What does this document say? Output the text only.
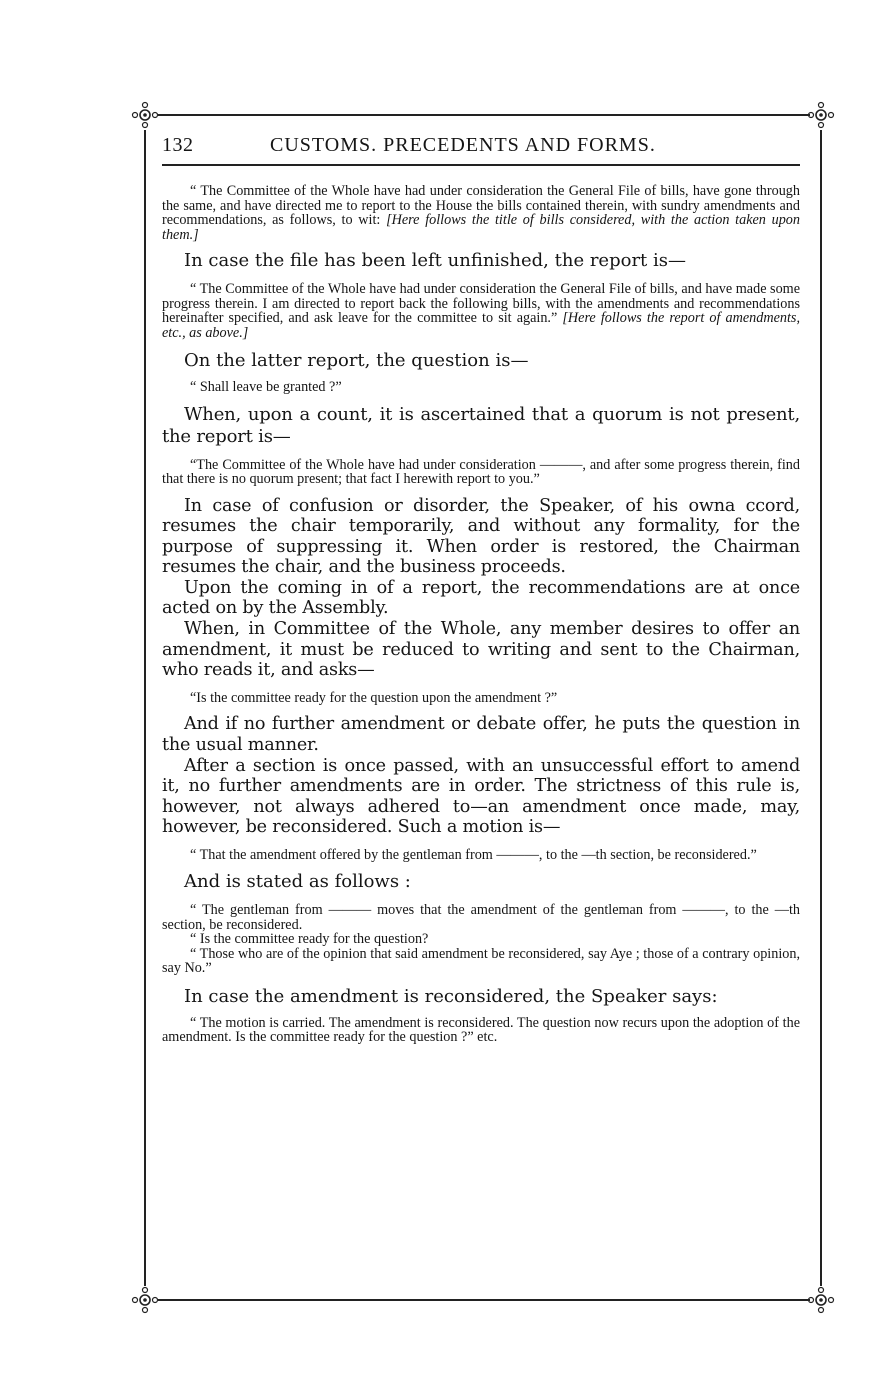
132	CUSTOMS. PRECEDENTS AND FORMS.
“ The Committee of the Whole have had under consideration the General File of bills, have gone through the same, and have directed me to report to the House the bills contained therein, with sundry amendments and recommendations, as follows, to wit: [Here follows the title of bills considered, with the action taken upon them.]
In case the file has been left unfinished, the report is—
“ The Committee of the Whole have had under consideration the General File of bills, and have made some progress therein. I am directed to report back the following bills, with the amendments and recommendations hereinafter specified, and ask leave for the committee to sit again.” [Here follows the report of amendments, etc., as above.]
On the latter report, the question is—
“ Shall leave be granted ?”
When, upon a count, it is ascertained that a quorum is not present, the report is—
“The Committee of the Whole have had under consideration ———, and after some progress therein, find that there is no quorum present; that fact I herewith report to you.”
In case of confusion or disorder, the Speaker, of his owna ccord, resumes the chair temporarily, and without any formality, for the purpose of suppressing it. When order is restored, the Chairman resumes the chair, and the business proceeds.
Upon the coming in of a report, the recommendations are at once acted on by the Assembly.
When, in Committee of the Whole, any member desires to offer an amendment, it must be reduced to writing and sent to the Chairman, who reads it, and asks—
“Is the committee ready for the question upon the amendment ?”
And if no further amendment or debate offer, he puts the question in the usual manner.
After a section is once passed, with an unsuccessful effort to amend it, no further amendments are in order. The strictness of this rule is, however, not always adhered to—an amendment once made, may, however, be reconsidered. Such a motion is—
“ That the amendment offered by the gentleman from ———, to the —th section, be reconsidered.”
And is stated as follows :
“ The gentleman from ——— moves that the amendment of the gentleman from ———, to the —th section, be reconsidered.
“ Is the committee ready for the question?
“ Those who are of the opinion that said amendment be reconsidered, say Aye ; those of a contrary opinion, say No.”
In case the amendment is reconsidered, the Speaker says:
“ The motion is carried. The amendment is reconsidered. The question now recurs upon the adoption of the amendment. Is the committee ready for the question ?” etc.
